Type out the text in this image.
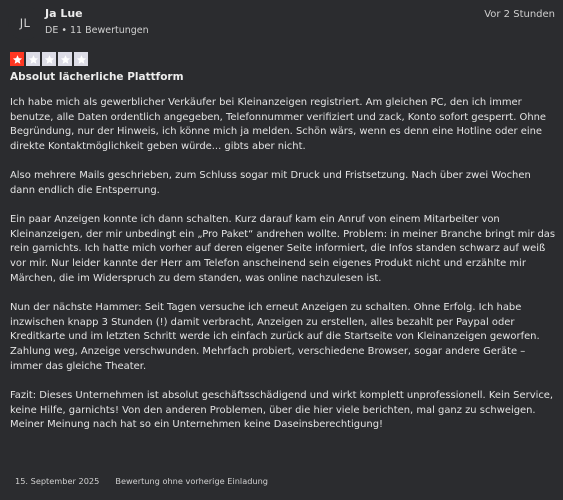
JL
Ja Lue
DE • 11 Bewertungen
Vor 2 Stunden
Absolut lächerliche Plattform

Ich habe mich als gewerblicher Verkäufer bei Kleinanzeigen registriert. Am gleichen PC, den ich immer benutze, alle Daten ordentlich angegeben, Telefonnummer verifiziert und zack, Konto sofort gesperrt. Ohne Begründung, nur der Hinweis, ich könne mich ja melden. Schön wärs, wenn es denn eine Hotline oder eine direkte Kontaktmöglichkeit geben würde... gibts aber nicht.

Also mehrere Mails geschrieben, zum Schluss sogar mit Druck und Fristsetzung. Nach über zwei Wochen dann endlich die Entsperrung.

Ein paar Anzeigen konnte ich dann schalten. Kurz darauf kam ein Anruf von einem Mitarbeiter von Kleinanzeigen, der mir unbedingt ein „Pro Paket“ andrehen wollte. Problem: in meiner Branche bringt mir das rein garnichts. Ich hatte mich vorher auf deren eigener Seite informiert, die Infos standen schwarz auf weiß vor mir. Nur leider kannte der Herr am Telefon anscheinend sein eigenes Produkt nicht und erzählte mir Märchen, die im Widerspruch zu dem standen, was online nachzulesen ist.

Nun der nächste Hammer: Seit Tagen versuche ich erneut Anzeigen zu schalten. Ohne Erfolg. Ich habe inzwischen knapp 3 Stunden (!) damit verbracht, Anzeigen zu erstellen, alles bezahlt per Paypal oder Kreditkarte und im letzten Schritt werde ich einfach zurück auf die Startseite von Kleinanzeigen geworfen. Zahlung weg, Anzeige verschwunden. Mehrfach probiert, verschiedene Browser, sogar andere Geräte – immer das gleiche Theater.

Fazit: Dieses Unternehmen ist absolut geschäftsschädigend und wirkt komplett unprofessionell. Kein Service, keine Hilfe, garnichts! Von den anderen Problemen, über die hier viele berichten, mal ganz zu schweigen.
Meiner Meinung nach hat so ein Unternehmen keine Daseinsberechtigung!

15. September 2025 Bewertung ohne vorherige Einladung
